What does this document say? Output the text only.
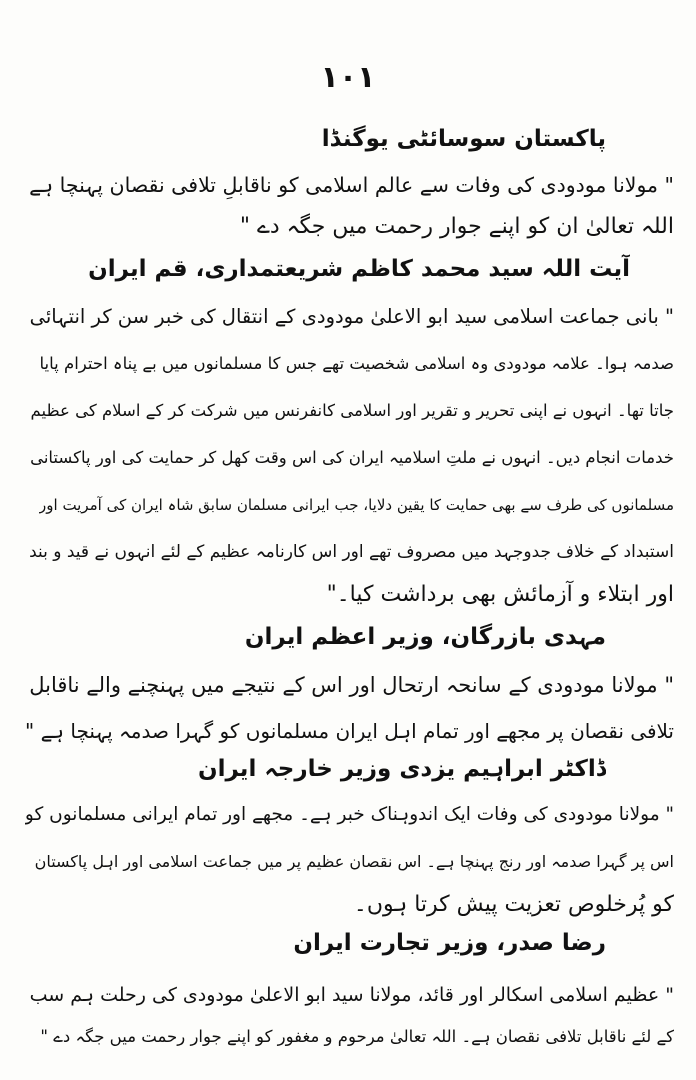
۱۰۱
پاکستان سوسائٹی یوگنڈا
" مولانا مودودی کی وفات سے عالم اسلامی کو ناقابلِ تلافی نقصان پہنچا ہے
اللہ تعالیٰ ان کو اپنے جوار رحمت میں جگہ دے "
آیت اللہ سید محمد کاظم شریعتمداری، قم ایران
" بانی جماعت اسلامی سید ابو الاعلیٰ مودودی کے انتقال کی خبر سن کر انتہائی
صدمہ ہوا۔ علامہ مودودی وہ اسلامی شخصیت تھے جس کا مسلمانوں میں بے پناہ احترام پایا
جاتا تھا۔ انہوں نے اپنی تحریر و تقریر اور اسلامی کانفرنس میں شرکت کر کے اسلام کی عظیم
خدمات انجام دیں۔ انہوں نے ملتِ اسلامیہ ایران کی اس وقت کھل کر حمایت کی اور پاکستانی
مسلمانوں کی طرف سے بھی حمایت کا یقین دلایا، جب ایرانی مسلمان سابق شاہ ایران کی آمریت اور
استبداد کے خلاف جدوجہد میں مصروف تھے اور اس کارنامہ عظیم کے لئے انہوں نے قید و بند
اور ابتلاء و آزمائش بھی برداشت کیا۔"
مہدی بازرگان، وزیر اعظم ایران
" مولانا مودودی کے سانحہ ارتحال اور اس کے نتیجے میں پہنچنے والے ناقابل
تلافی نقصان پر مجھے اور تمام اہل ایران مسلمانوں کو گہرا صدمہ پہنچا ہے "
ڈاکٹر ابراہیم یزدی وزیر خارجہ ایران
" مولانا مودودی کی وفات ایک اندوہناک خبر ہے۔ مجھے اور تمام ایرانی مسلمانوں کو
اس پر گہرا صدمہ اور رنج پہنچا ہے۔ اس نقصان عظیم پر میں جماعت اسلامی اور اہل پاکستان
کو پُرخلوص تعزیت پیش کرتا ہوں۔
رضا صدر، وزیر تجارت ایران
" عظیم اسلامی اسکالر اور قائد، مولانا سید ابو الاعلیٰ مودودی کی رحلت ہم سب
کے لئے ناقابل تلافی نقصان ہے۔ اللہ تعالیٰ مرحوم و مغفور کو اپنے جوار رحمت میں جگہ دے "
